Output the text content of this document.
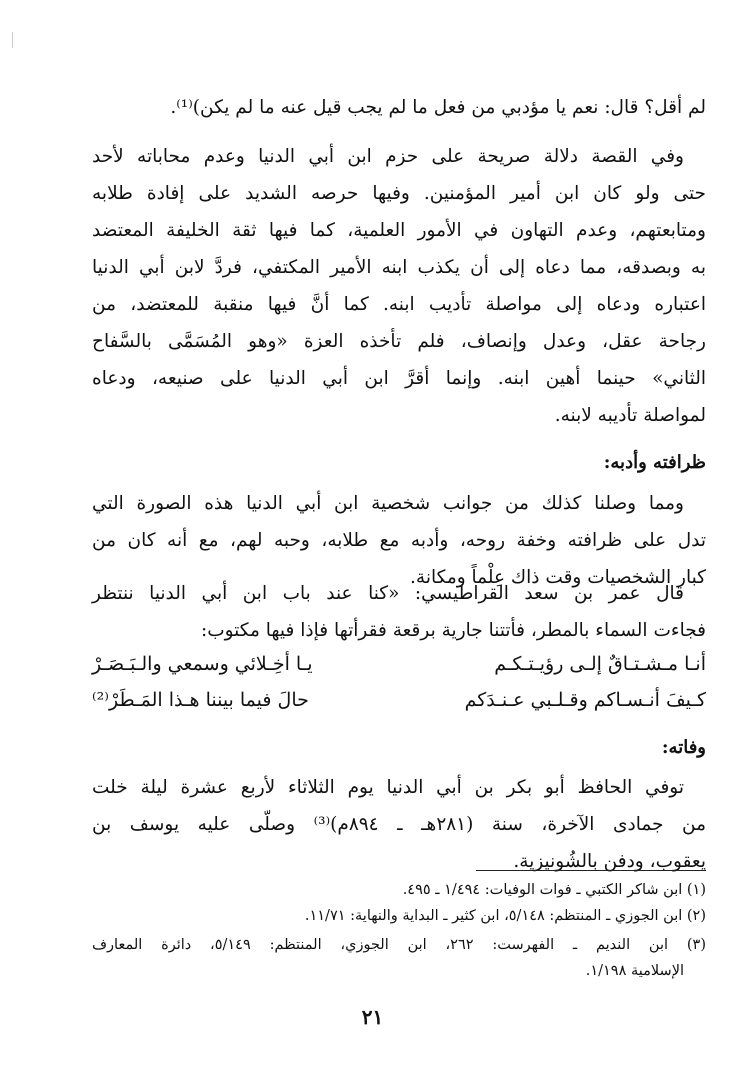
لم أقل؟ قال: نعم يا مؤدبي من فعل ما لم يجب قيل عنه ما لم يكن)⁽¹⁾.
وفي القصة دلالة صريحة على حزم ابن أبي الدنيا وعدم محاباته لأحد
حتى ولو كان ابن أمير المؤمنين. وفيها حرصه الشديد على إفادة طلابه
ومتابعتهم، وعدم التهاون في الأمور العلمية، كما فيها ثقة الخليفة المعتضد
به وبصدقه، مما دعاه إلى أن يكذب ابنه الأمير المكتفي، فردَّ لابن أبي الدنيا
اعتباره ودعاه إلى مواصلة تأديب ابنه. كما أنَّ فيها منقبة للمعتضد، من
رجاحة عقل، وعدل وإنصاف، فلم تأخذه العزة «وهو المُسَمَّى بالسَّفاح
الثاني» حينما أهين ابنه. وإنما أقرَّ ابن أبي الدنيا على صنيعه، ودعاه
لمواصلة تأديبه لابنه.
ظرافته وأدبه:
ومما وصلنا كذلك من جوانب شخصية ابن أبي الدنيا هذه الصورة التي
تدل على ظرافته وخفة روحه، وأدبه مع طلابه، وحبه لهم، مع أنه كان من
كبار الشخصيات وقت ذاك عِلْماً ومكانة.
قال عمر بن سعد القراطيسي: «كنا عند باب ابن أبي الدنيا ننتظر
فجاءت السماء بالمطر، فأتتنا جارية برقعة فقرأتها فإذا فيها مكتوب:
أنـا مـشـتـاقٌ إلـى رؤيـتـكـم
يـا أخِـلائي وسمعي والـبَـصَـرْ
كـيفَ أنـسـاكم وقـلـبي عـنـدَكم
حالَ فيما بيننا هـذا المَـطَرْ⁽²⁾
وفاته:
توفي الحافظ أبو بكر بن أبي الدنيا يوم الثلاثاء لأربع عشرة ليلة خلت
من جمادى الآخرة، سنة (٢٨١هـ ـ ٨٩٤م)⁽³⁾ وصلّى عليه يوسف بن
يعقوب، ودفن بالشُونيزية.
(١) ابن شاكر الكتبي ـ فوات الوفيات: ١/٤٩٤ ـ ٤٩٥.
(٢) ابن الجوزي ـ المنتظم: ٥/١٤٨، ابن كثير ـ البداية والنهاية: ١١/٧١.
(٣) ابن النديم ـ الفهرست: ٢٦٢، ابن الجوزي، المنتظم: ٥/١٤٩، دائرة المعارف
الإسلامية ١/١٩٨.
٢١
